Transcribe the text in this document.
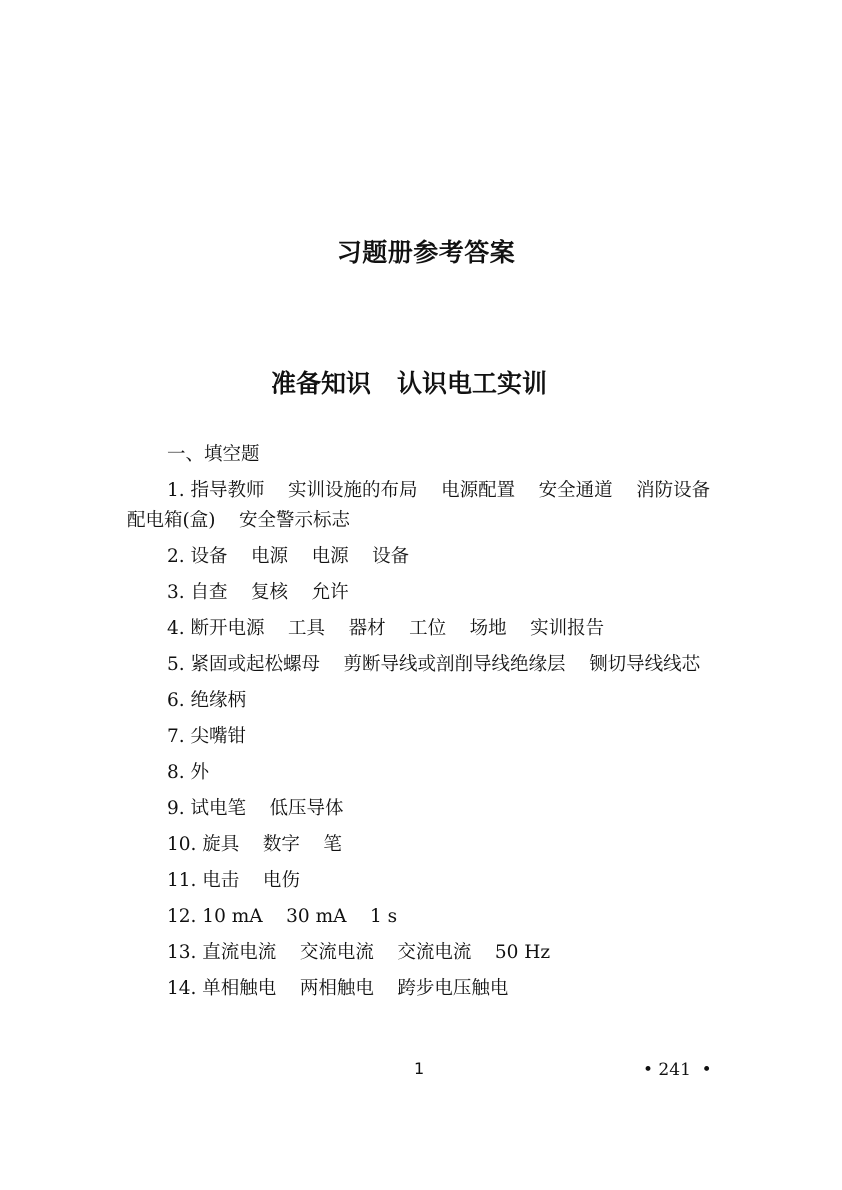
习题册参考答案
准备知识   认识电工实训

一、填空题

1. 指导教师    实训设施的布局    电源配置    安全通道    消防设备    配电箱(盒)    安全警示标志

2. 设备    电源    电源    设备

3. 自查    复核    允许

4. 断开电源    工具    器材    工位    场地    实训报告

5. 紧固或起松螺母    剪断导线或剖削导线绝缘层    铡切导线线芯

6. 绝缘柄

7. 尖嘴钳

8. 外

9. 试电笔    低压导体

10. 旋具    数字    笔

11. 电击    电伤

12. 10 mA    30 mA    1 s

13. 直流电流    交流电流    交流电流    50 Hz

14. 单相触电    两相触电    跨步电压触电

1	• 241  •
